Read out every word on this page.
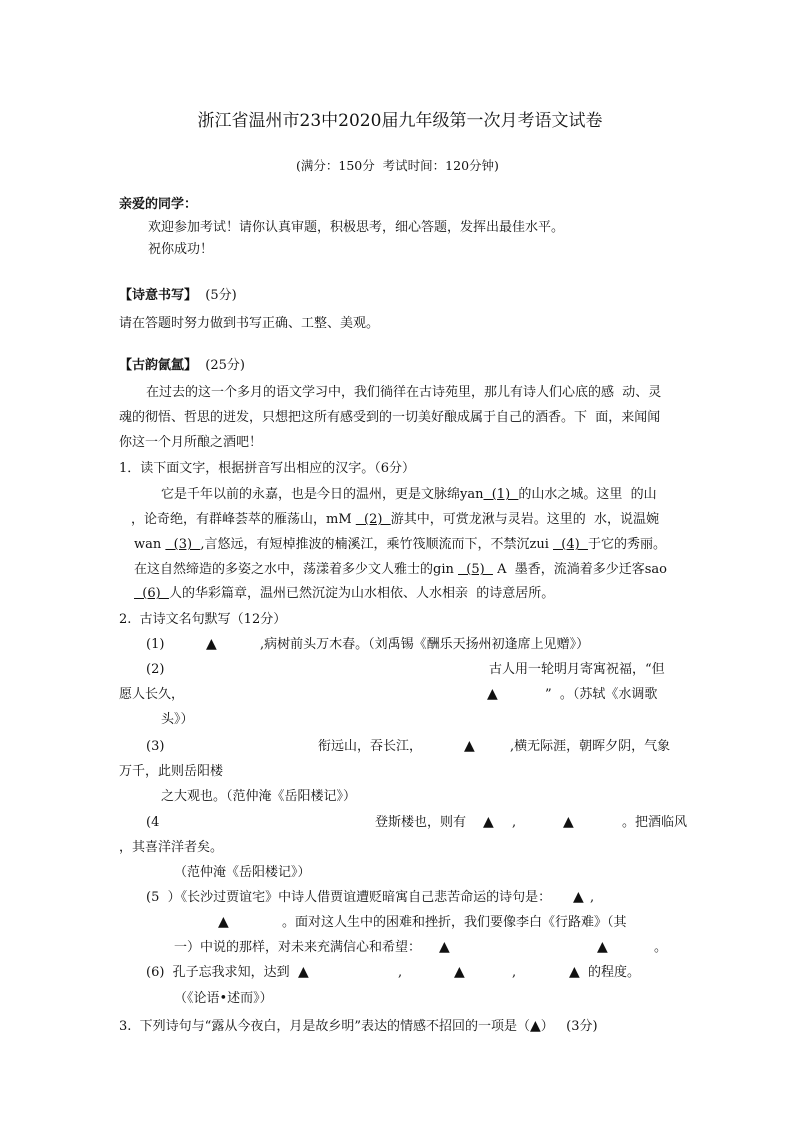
浙江省温州市23中2020届九年级第一次月考语文试卷
(满分：150分  考试时间：120分钟)
亲爱的同学：
欢迎参加考试！请你认真审题，积极思考，细心答题，发挥出最佳水平。
祝你成功！
【诗意书写】 (5分)
请在答题时努力做到书写正确、工整、美观。
【古韵氤氲】 (25分)
在过去的这一个多月的语文学习中，我们徜徉在古诗苑里，那儿有诗人们心底的感  动、灵
魂的彻悟、哲思的迸发，只想把这所有感受到的一切美好酿成属于自己的酒香。下  面，来闻闻
你这一个月所酿之酒吧！
1．读下面文字，根据拼音写出相应的汉字。（6分）
它是千年以前的永嘉，也是今日的温州，更是文脉绵yan  (1)  的山水之城。这里  的山
，论奇绝，有群峰荟萃的雁荡山，mM   (2)  游其中，可赏龙湫与灵岩。这里的  水，说温婉
wan   (3)  ,言悠远，有短棹推波的楠溪江，乘竹筏顺流而下，不禁沉zui   (4)  于它的秀丽。
在这自然缔造的多姿之水中，荡漾着多少文人雅士的gin   (5)   A  墨香，流淌着多少迁客sao
(6)  人的华彩篇章，温州已然沉淀为山水相依、人水相亲  的诗意居所。
2.  古诗文名句默写（12分）
(1)	▲	,病树前头万木春。（刘禹锡《酬乐天扬州初逢席上见赠》）
(2)	古人用一轮明月寄寓祝福，“但
愿人长久，	▲	”  。（苏轼《水调歌
头》）
(3)	衔远山，吞长江，	▲	,横无际涯，朝晖夕阴，气象
万千，此则岳阳楼
之大观也。（范仲淹《岳阳楼记》）
(4	登斯楼也，则有 ▲ ,	▲	。把酒临风
，其喜洋洋者矣。
（范仲淹《岳阳楼记》）
(5  ）《长沙过贾谊宅》中诗人借贾谊遭贬暗寓自己悲苦命运的诗句是： ▲ ,
▲	。面对这人生中的困难和挫折，我们要像李白《行路难》（其
一）中说的那样，对未来充满信心和希望： ▲	▲	。
(6)  孔子忘我求知，达到 ▲	,	▲	,	▲ 的程度。
（《论语•述而》）
3.  下列诗句与“露从今夜白，月是故乡明”表达的情感不招回的一项是（▲） (3分)
